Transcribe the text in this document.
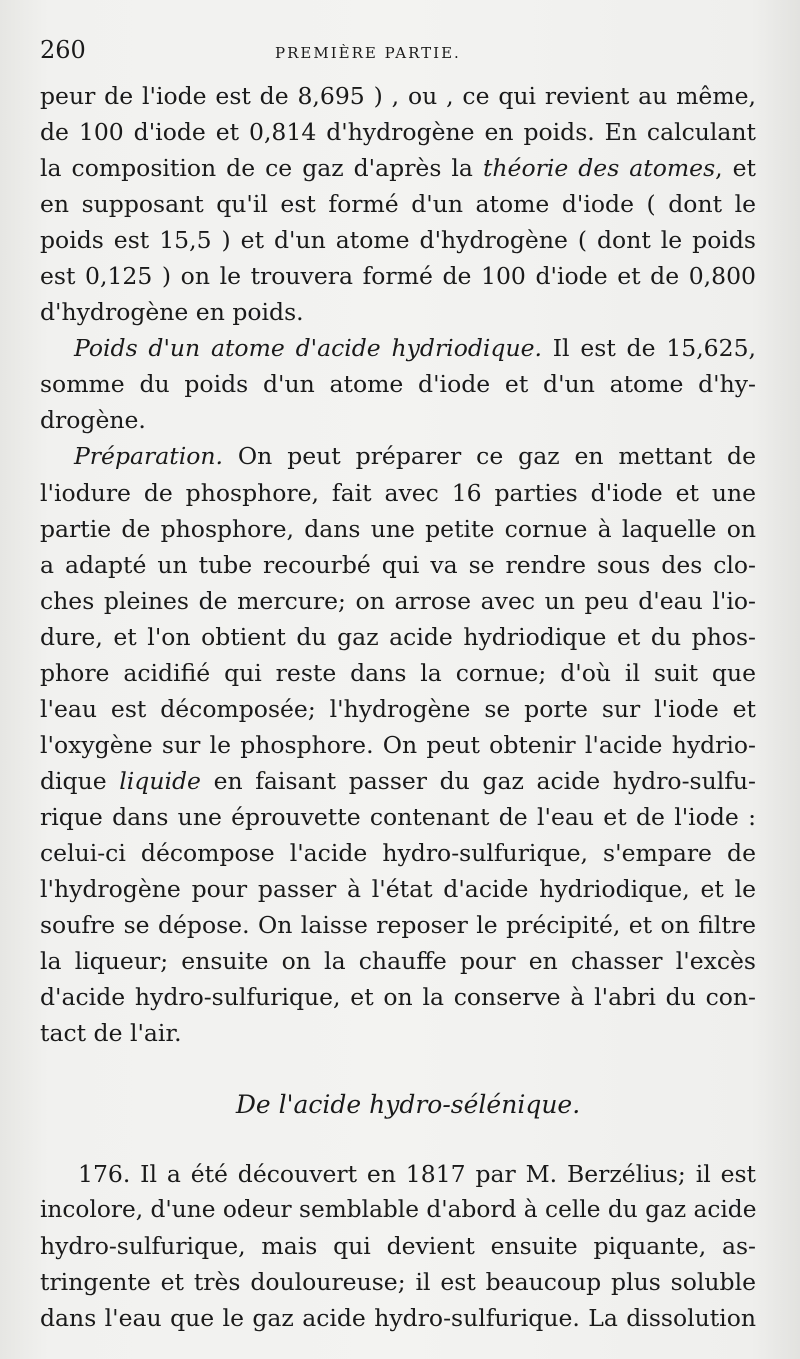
260	PREMIÈRE PARTIE.
peur de l'iode est de 8,695 ) , ou , ce qui revient au même,
de 100 d'iode et 0,814 d'hydrogène en poids. En calculant
la composition de ce gaz d'après la théorie des atomes, et
en supposant qu'il est formé d'un atome d'iode ( dont le
poids est 15,5 ) et d'un atome d'hydrogène ( dont le poids
est 0,125 ) on le trouvera formé de 100 d'iode et de 0,800
d'hydrogène en poids.
Poids d'un atome d'acide hydriodique. Il est de 15,625,
somme du poids d'un atome d'iode et d'un atome d'hy-
drogène.
Préparation. On peut préparer ce gaz en mettant de
l'iodure de phosphore, fait avec 16 parties d'iode et une
partie de phosphore, dans une petite cornue à laquelle on
a adapté un tube recourbé qui va se rendre sous des clo-
ches pleines de mercure; on arrose avec un peu d'eau l'io-
dure, et l'on obtient du gaz acide hydriodique et du phos-
phore acidifié qui reste dans la cornue; d'où il suit que
l'eau est décomposée; l'hydrogène se porte sur l'iode et
l'oxygène sur le phosphore. On peut obtenir l'acide hydrio-
dique liquide en faisant passer du gaz acide hydro-sulfu-
rique dans une éprouvette contenant de l'eau et de l'iode :
celui-ci décompose l'acide hydro-sulfurique, s'empare de
l'hydrogène pour passer à l'état d'acide hydriodique, et le
soufre se dépose. On laisse reposer le précipité, et on filtre
la liqueur; ensuite on la chauffe pour en chasser l'excès
d'acide hydro-sulfurique, et on la conserve à l'abri du con-
tact de l'air.
De l'acide hydro-sélénique.
176. Il a été découvert en 1817 par M. Berzélius; il est
incolore, d'une odeur semblable d'abord à celle du gaz acide
hydro-sulfurique, mais qui devient ensuite piquante, as-
tringente et très douloureuse; il est beaucoup plus soluble
dans l'eau que le gaz acide hydro-sulfurique. La dissolution
